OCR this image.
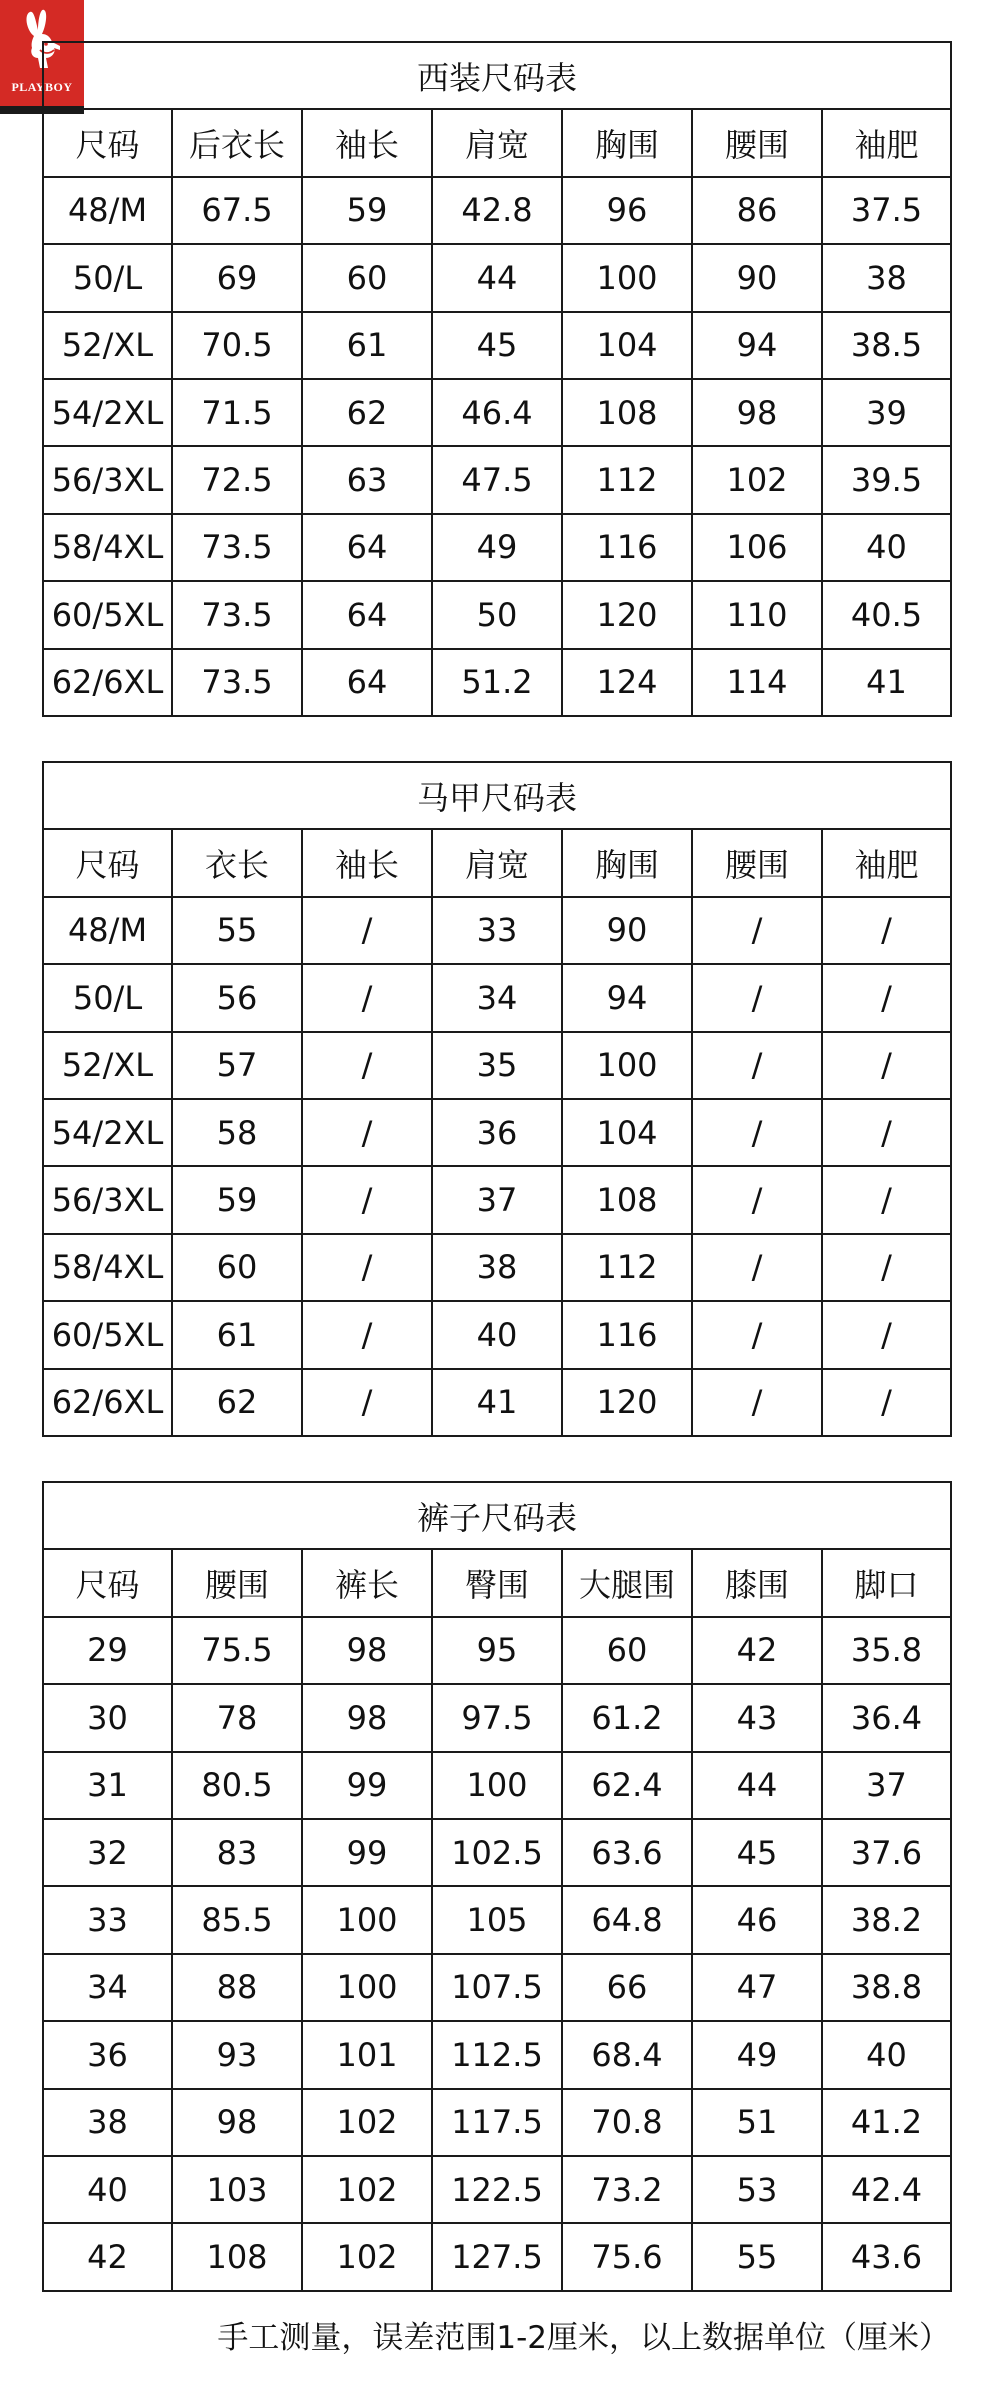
PLAYBOY	西装尺码表						
尺码	后衣长	袖长	肩宽	胸围	腰围	袖肥
48/M	67.5	59	42.8	96	86	37.5
50/L	69	60	44	100	90	38
52/XL	70.5	61	45	104	94	38.5
54/2XL	71.5	62	46.4	108	98	39
56/3XL	72.5	63	47.5	112	102	39.5
58/4XL	73.5	64	49	116	106	40
60/5XL	73.5	64	50	120	110	40.5
62/6XL	73.5	64	51.2	124	114	41
马甲尺码表						
尺码	衣长	袖长	肩宽	胸围	腰围	袖肥
48/M	55	/	33	90	/	/
50/L	56	/	34	94	/	/
52/XL	57	/	35	100	/	/
54/2XL	58	/	36	104	/	/
56/3XL	59	/	37	108	/	/
58/4XL	60	/	38	112	/	/
60/5XL	61	/	40	116	/	/
62/6XL	62	/	41	120	/	/
裤子尺码表						
尺码	腰围	裤长	臀围	大腿围	膝围	脚口
29	75.5	98	95	60	42	35.8
30	78	98	97.5	61.2	43	36.4
31	80.5	99	100	62.4	44	37
32	83	99	102.5	63.6	45	37.6
33	85.5	100	105	64.8	46	38.2
34	88	100	107.5	66	47	38.8
36	93	101	112.5	68.4	49	40
38	98	102	117.5	70.8	51	41.2
40	103	102	122.5	73.2	53	42.4
42	108	102	127.5	75.6	55	43.6
手工测量，误差范围1-2厘米，以上数据单位（厘米）
